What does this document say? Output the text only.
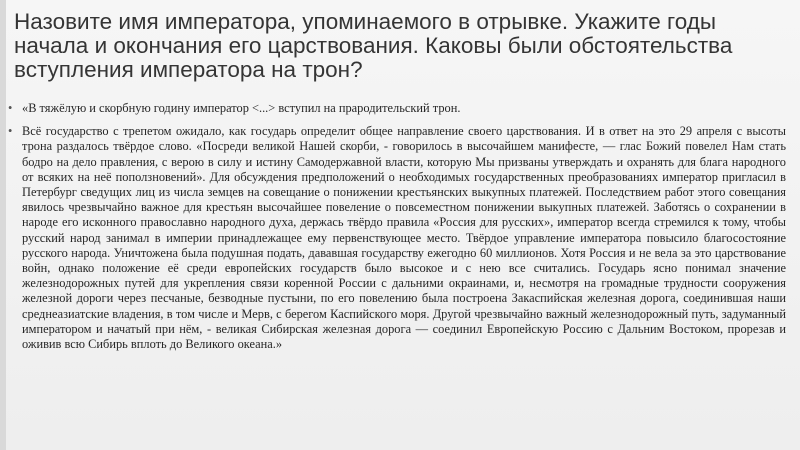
Назовите имя императора, упоминаемого в отрывке. Укажите годы начала и окончания его царствования. Каковы были обстоятельства вступления императора на трон?
• «В тяжёлую и скорбную годину император <...> вступил на прародительский трон.
• Всё государство с трепетом ожидало, как государь определит общее направление своего царствования. И в ответ на это 29 апреля с высоты трона раздалось твёрдое слово. «Посреди великой Нашей скорби, - говорилось в высочайшем манифесте, — глас Божий повелел Нам стать бодро на дело правления, с верою в силу и истину Самодержавной власти, которую Мы призваны утверждать и охранять для блага народного от всяких на неё поползновений». Для обсуждения предположений о необходимых государственных преобразованиях император пригласил в Петербург сведущих лиц из числа земцев на совещание о понижении крестьянских выкупных платежей. Последствием работ этого совещания явилось чрезвычайно важное для крестьян высочайшее повеление о повсеместном понижении выкупных платежей. Заботясь о сохранении в народе его исконного православно народного духа, держась твёрдо правила «Россия для русских», император всегда стремился к тому, чтобы русский народ занимал в империи принадлежащее ему первенствующее место. Твёрдое управление императора повысило благосостояние русского народа. Уничтожена была подушная подать, дававшая государству ежегодно 60 миллионов. Хотя Россия и не вела за это царствование войн, однако положение её среди европейских государств было высокое и с нею все считались. Государь ясно понимал значение железнодорожных путей для укрепления связи коренной России с дальними окраинами, и, несмотря на громадные трудности сооружения железной дороги через песчаные, безводные пустыни, по его повелению была построена Закаспийская железная дорога, соединившая наши среднеазиатские владения, в том числе и Мерв, с берегом Каспийского моря. Другой чрезвычайно важный железнодорожный путь, задуманный императором и начатый при нём, - великая Сибирская железная дорога — соединил Европейскую Россию с Дальним Востоком, прорезав и оживив всю Сибирь вплоть до Великого океана.»
